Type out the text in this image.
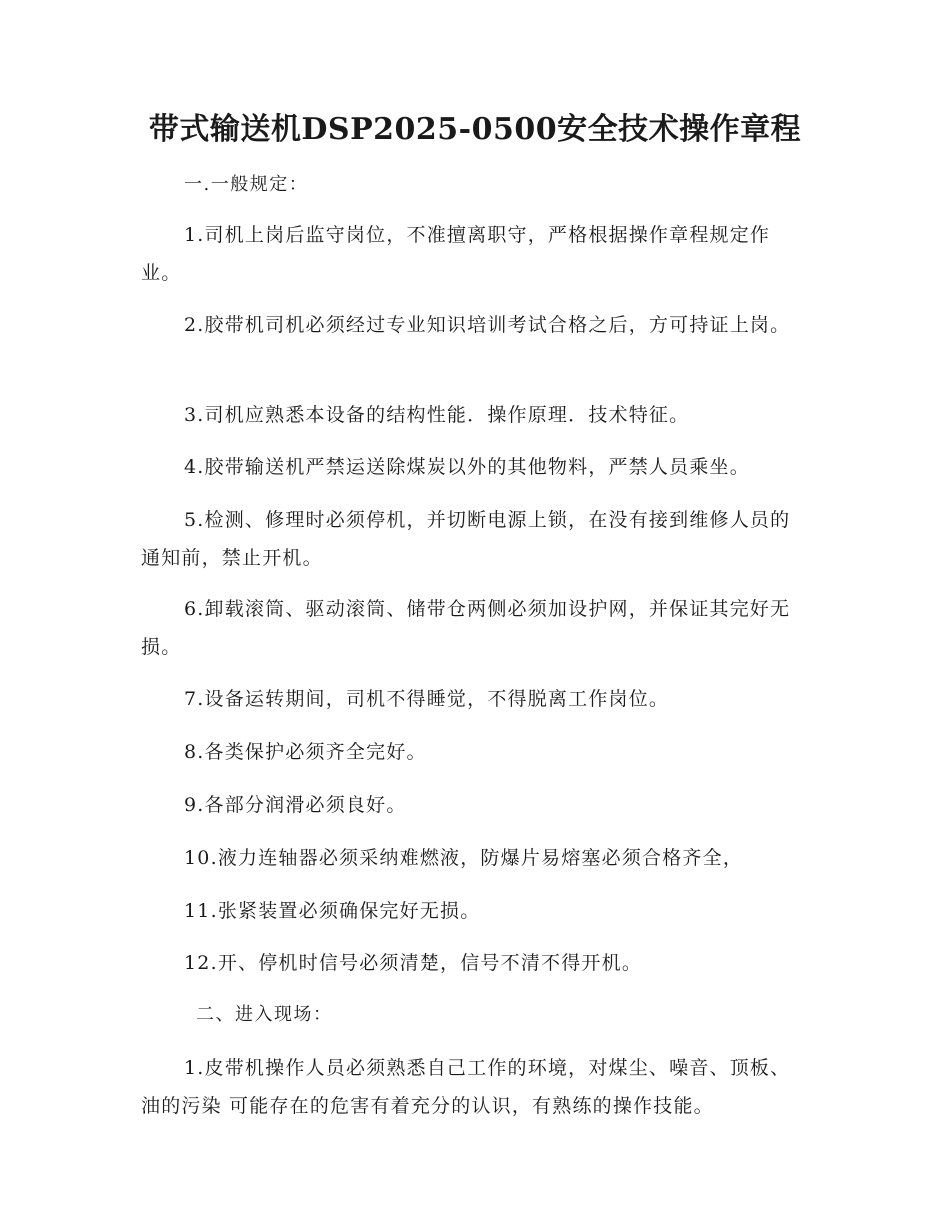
带式输送机DSP2025-0500安全技术操作章程
一.一般规定：

1.司机上岗后监守岗位，不准擅离职守，严格根据操作章程规定作业。

2.胶带机司机必须经过专业知识培训考试合格之后，方可持证上岗。

3.司机应熟悉本设备的结构性能．操作原理．技术特征。

4.胶带输送机严禁运送除煤炭以外的其他物料，严禁人员乘坐。

5.检测、修理时必须停机，并切断电源上锁，在没有接到维修人员的通知前，禁止开机。

6.卸载滚筒、驱动滚筒、储带仓两侧必须加设护网，并保证其完好无损。

7.设备运转期间，司机不得睡觉，不得脱离工作岗位。

8.各类保护必须齐全完好。

9.各部分润滑必须良好。

10.液力连轴器必须采纳难燃液，防爆片易熔塞必须合格齐全，

11.张紧装置必须确保完好无损。

12.开、停机时信号必须清楚，信号不清不得开机。

二、进入现场：

1.皮带机操作人员必须熟悉自己工作的环境，对煤尘、噪音、顶板、油的污染 可能存在的危害有着充分的认识，有熟练的操作技能。
